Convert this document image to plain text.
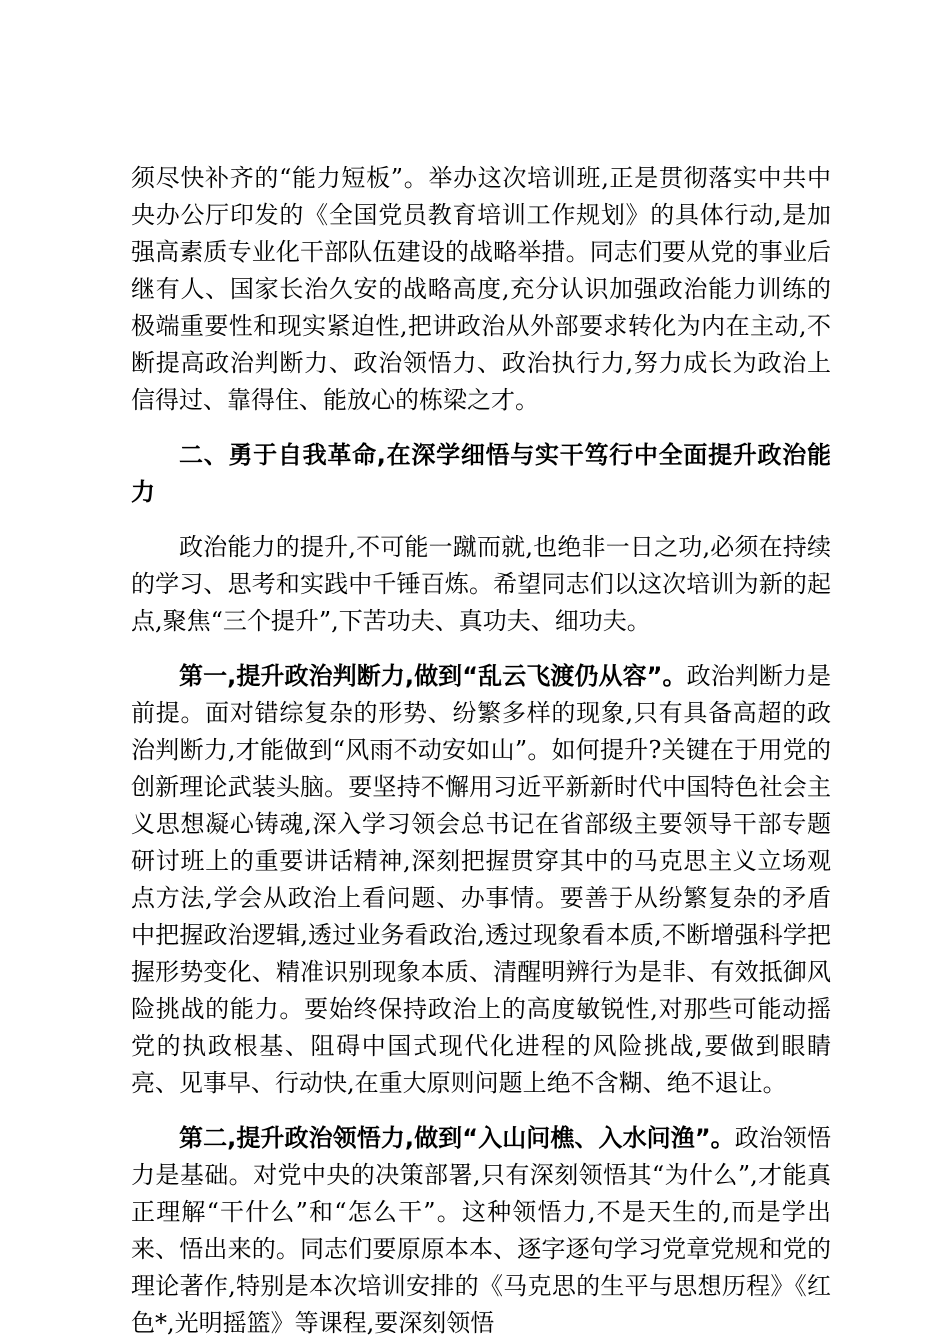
须尽快补齐的“能力短板”。举办这次培训班,正是贯彻落实中共中央办公厅印发的《全国党员教育培训工作规划》的具体行动,是加强高素质专业化干部队伍建设的战略举措。同志们要从党的事业后继有人、国家长治久安的战略高度,充分认识加强政治能力训练的极端重要性和现实紧迫性,把讲政治从外部要求转化为内在主动,不断提高政治判断力、政治领悟力、政治执行力,努力成长为政治上信得过、靠得住、能放心的栋梁之才。

二、勇于自我革命,在深学细悟与实干笃行中全面提升政治能力

政治能力的提升,不可能一蹴而就,也绝非一日之功,必须在持续的学习、思考和实践中千锤百炼。希望同志们以这次培训为新的起点,聚焦“三个提升”,下苦功夫、真功夫、细功夫。

第一,提升政治判断力,做到“乱云飞渡仍从容”。政治判断力是前提。面对错综复杂的形势、纷繁多样的现象,只有具备高超的政治判断力,才能做到“风雨不动安如山”。如何提升?关键在于用党的创新理论武装头脑。要坚持不懈用习近平新新时代中国特色社会主义思想凝心铸魂,深入学习领会总书记在省部级主要领导干部专题研讨班上的重要讲话精神,深刻把握贯穿其中的马克思主义立场观点方法,学会从政治上看问题、办事情。要善于从纷繁复杂的矛盾中把握政治逻辑,透过业务看政治,透过现象看本质,不断增强科学把握形势变化、精准识别现象本质、清醒明辨行为是非、有效抵御风险挑战的能力。要始终保持政治上的高度敏锐性,对那些可能动摇党的执政根基、阻碍中国式现代化进程的风险挑战,要做到眼睛亮、见事早、行动快,在重大原则问题上绝不含糊、绝不退让。

第二,提升政治领悟力,做到“入山问樵、入水问渔”。政治领悟力是基础。对党中央的决策部署,只有深刻领悟其“为什么”,才能真正理解“干什么”和“怎么干”。这种领悟力,不是天生的,而是学出来、悟出来的。同志们要原原本本、逐字逐句学习党章党规和党的理论著作,特别是本次培训安排的《马克思的生平与思想历程》《红色*,光明摇篮》等课程,要深刻领悟
